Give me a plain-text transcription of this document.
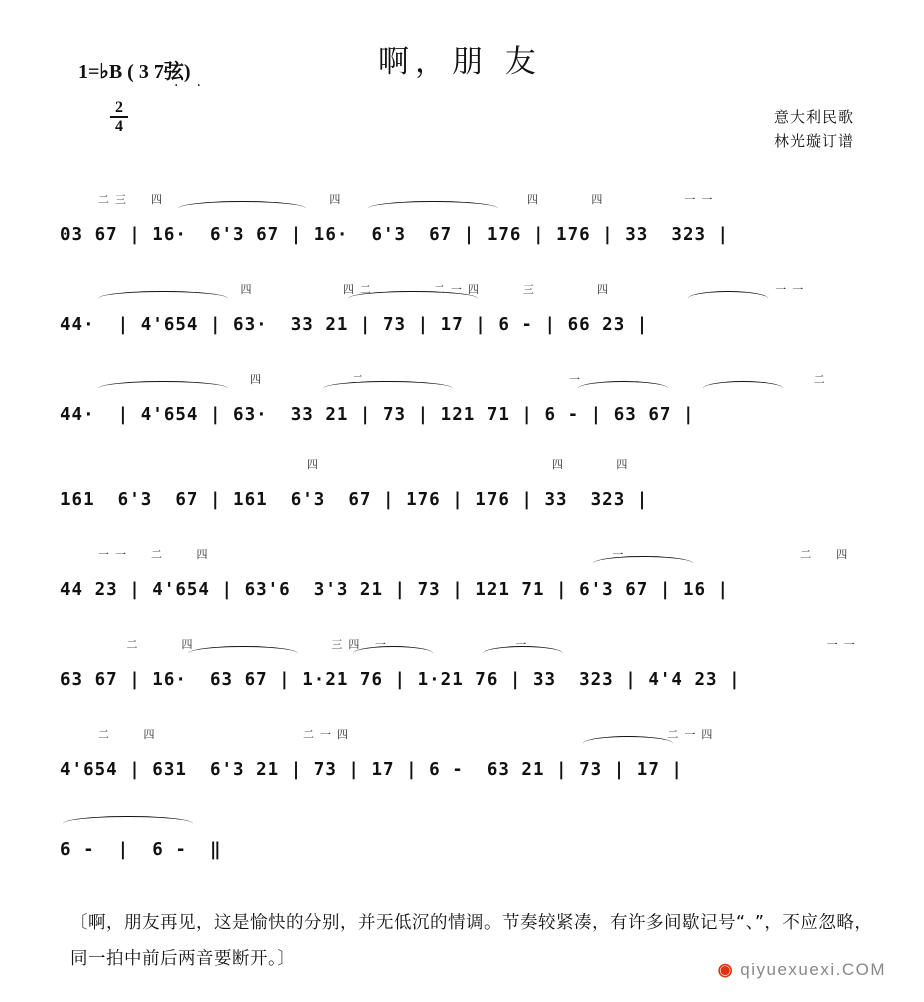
1=♭B ( 3 7弦)
··
啊，朋 友
2
4
意大利民歌
林光璇订谱
二三  四                 四                   四     四        一一
03 67 | 16·  6'3 67 | 16·  6'3  67 | 176 | 176 | 33  323 |
四         四二      二一四    三      四                 一一
44·  | 4'654 | 63·  33 21 | 73 | 17 | 6 - | 66 23 |
四         二                     一                        二
44·  | 4'654 | 63·  33 21 | 73 | 121 71 | 6 - | 63 67 |
四                        四     四
161  6'3  67 | 161  6'3  67 | 176 | 176 | 33  323 |
一一  二   四                                          一                  二  四
44 23 | 4'654 | 63'6  3'3 21 | 73 | 121 71 | 6'3 67 | 16 |
二    四              三四 一             一                               一一
63 67 | 16·  63 67 | 1·21 76 | 1·21 76 | 33  323 | 4'4 23 |
二   四               二一四                                 二一四
4'654 | 631  6'3 21 | 73 | 17 | 6 -  63 21 | 73 | 17 |
6 -  |  6 -  ‖
〔啊，朋友再见，这是愉快的分别，并无低沉的情调。节奏较紧凑，有许多间歇记号“、”，不应忽略，同一拍中前后两音要断开。〕
◉ qiyuexuexi.COM
